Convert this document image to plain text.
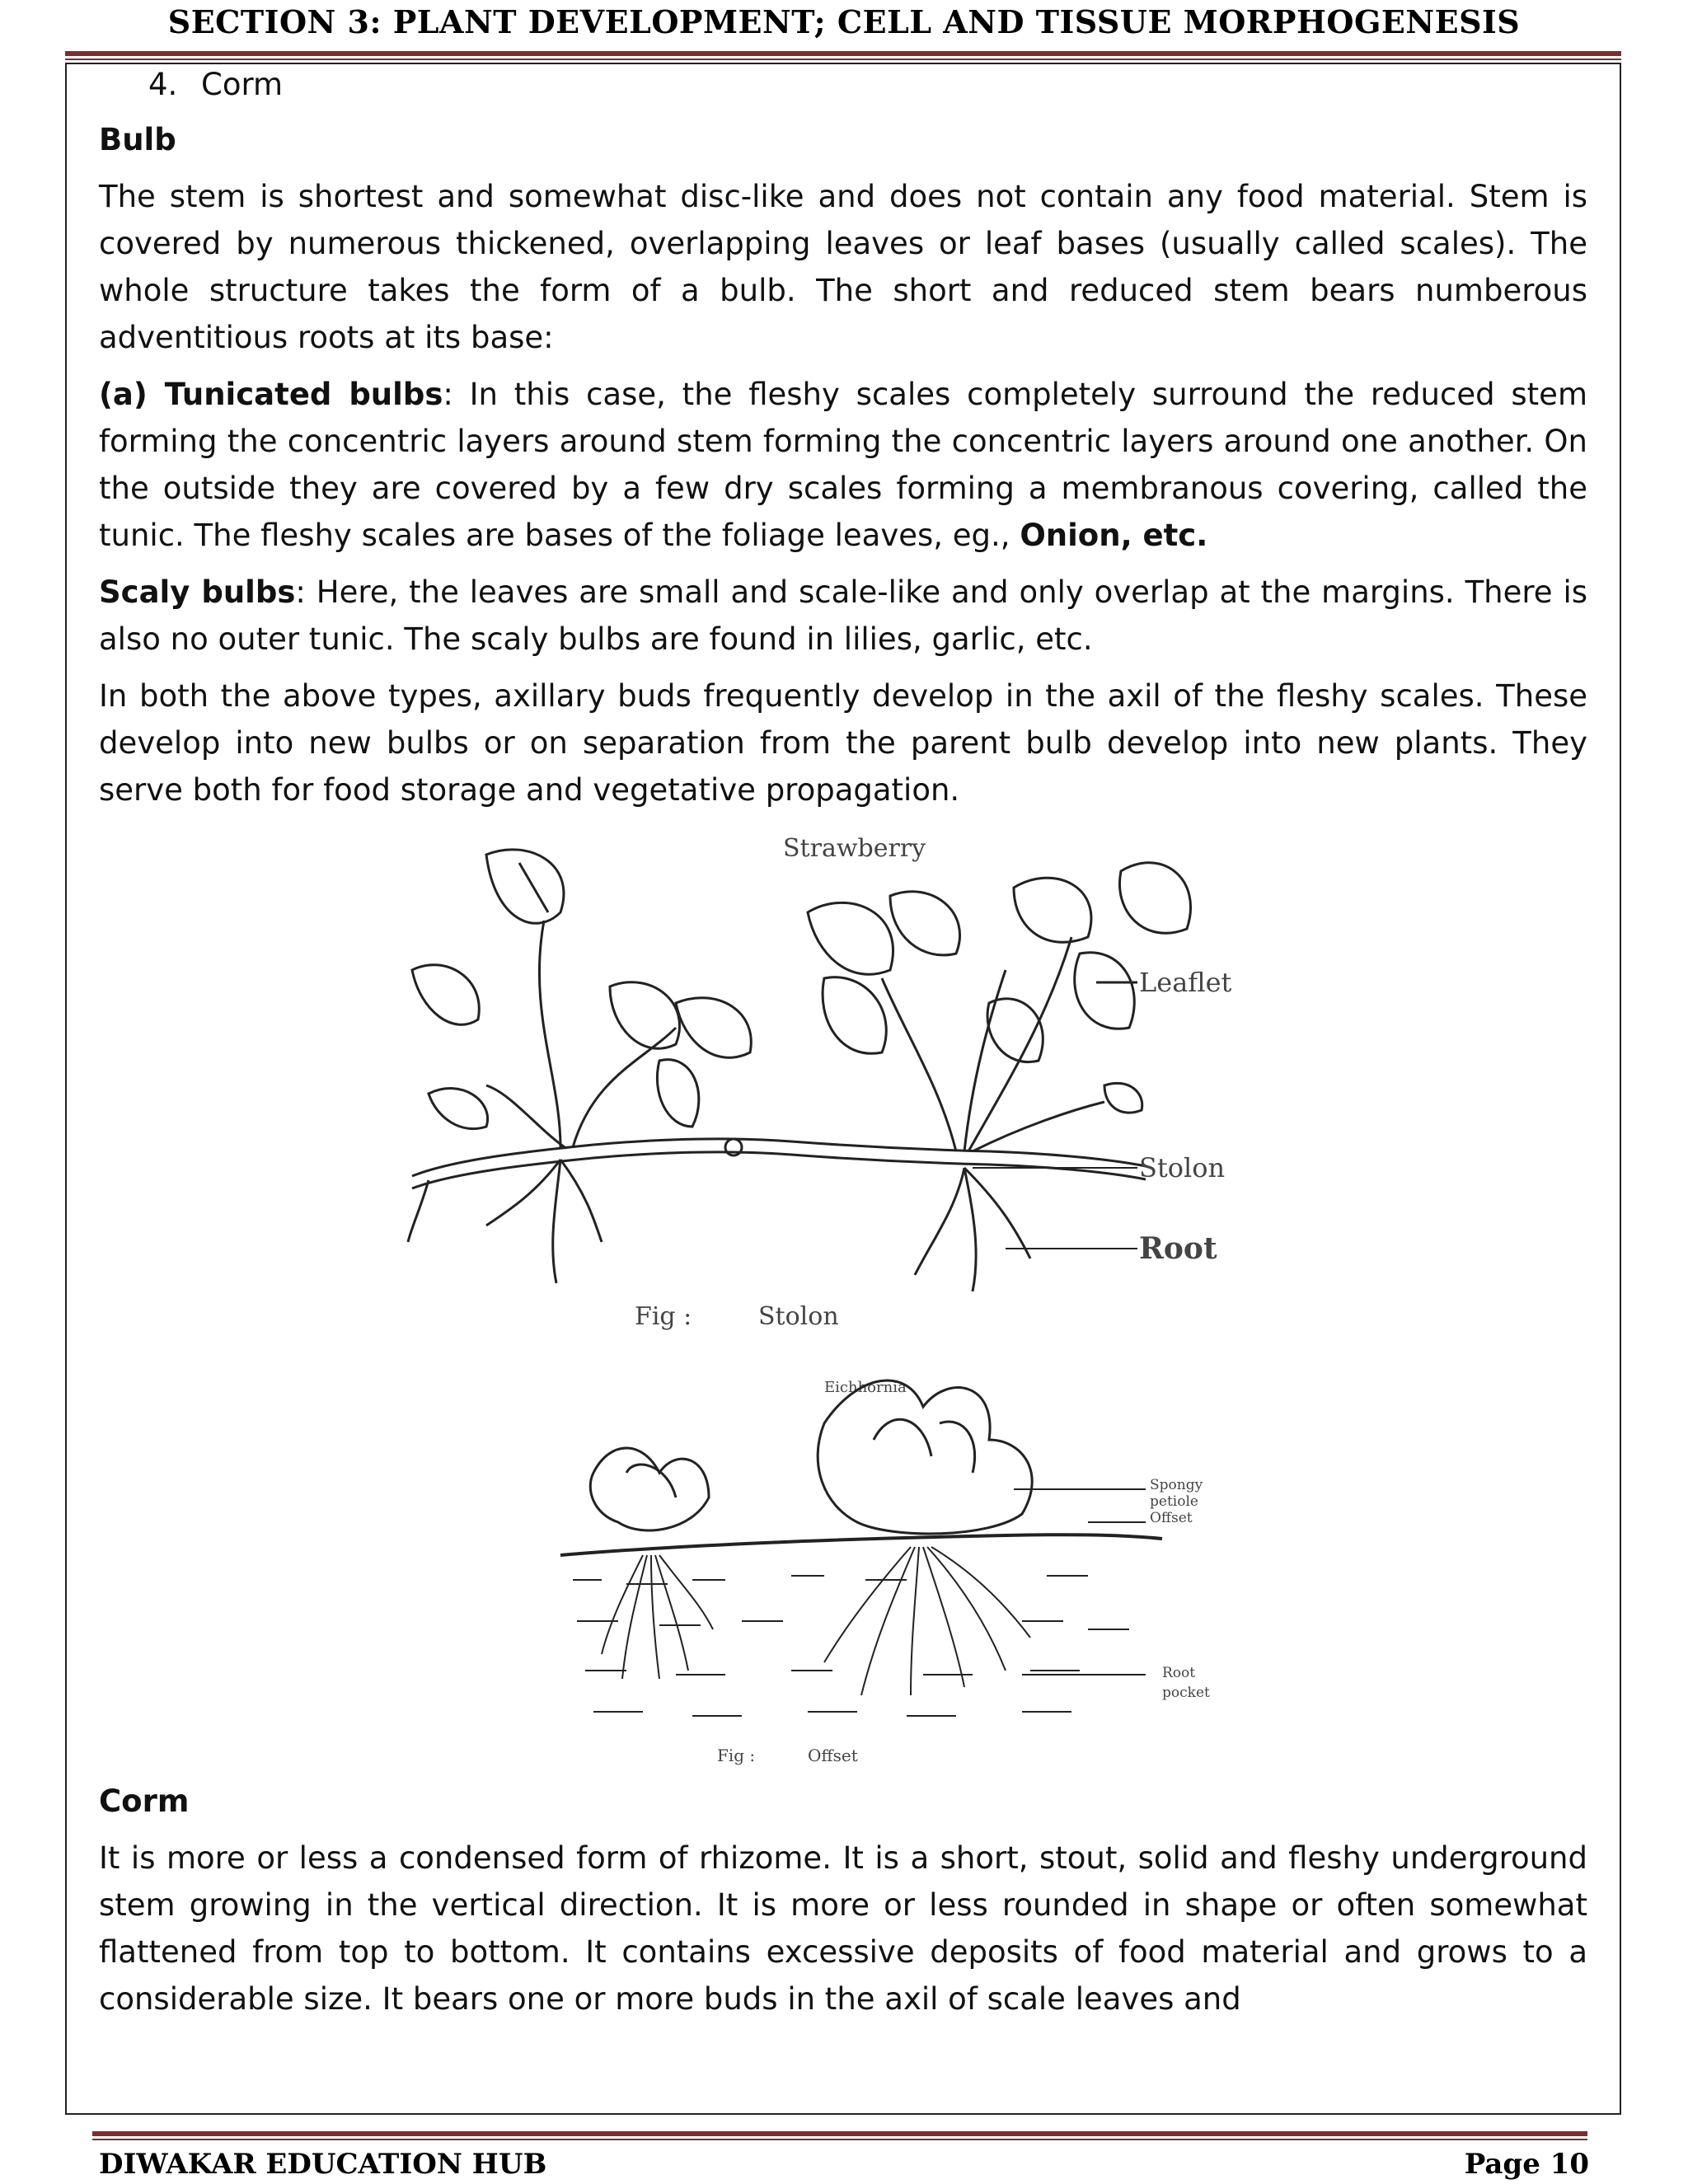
SECTION 3: PLANT DEVELOPMENT; CELL AND TISSUE MORPHOGENESIS

4. Corm

Bulb

The stem is shortest and somewhat disc-like and does not contain any food material. Stem is covered by numerous thickened, overlapping leaves or leaf bases (usually called scales). The whole structure takes the form of a bulb. The short and reduced stem bears numberous adventitious roots at its base:

(a) Tunicated bulbs: In this case, the fleshy scales completely surround the reduced stem forming the concentric layers around stem forming the concentric layers around one another. On the outside they are covered by a few dry scales forming a membranous covering, called the tunic. The fleshy scales are bases of the foliage leaves, eg., Onion, etc.

Scaly bulbs: Here, the leaves are small and scale-like and only overlap at the margins. There is also no outer tunic. The scaly bulbs are found in lilies, garlic, etc.

In both the above types, axillary buds frequently develop in the axil of the fleshy scales. These develop into new bulbs or on separation from the parent bulb develop into new plants. They serve both for food storage and vegetative propagation.

Strawberry
Leaflet
Stolon
Root
Fig :	Stolon
Eichhornia
Spongy
petiole
Offset
Root
pocket
Fig :	Offset

Corm

It is more or less a condensed form of rhizome. It is a short, stout, solid and fleshy underground stem growing in the vertical direction. It is more or less rounded in shape or often somewhat flattened from top to bottom. It contains excessive deposits of food material and grows to a considerable size. It bears one or more buds in the axil of scale leaves and

DIWAKAR EDUCATION HUB	Page 10
